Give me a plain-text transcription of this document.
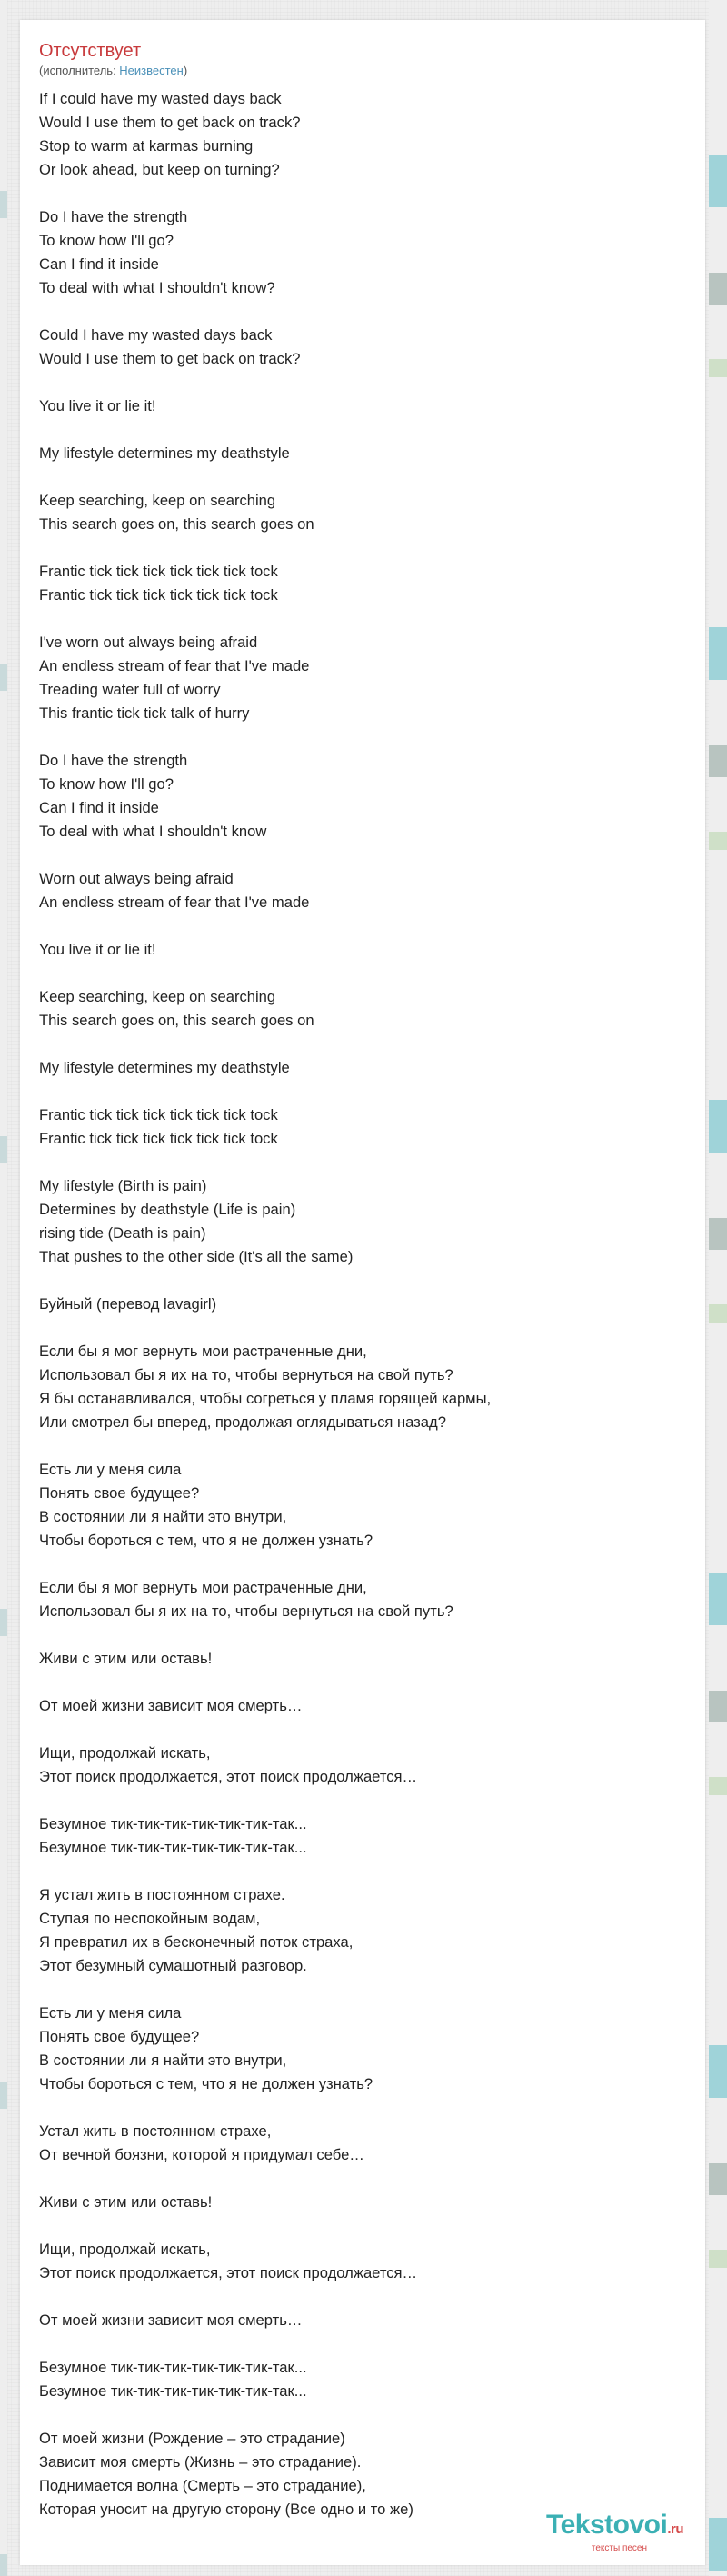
Отсутствует
(исполнитель: Неизвестен)
If I could have my wasted days back
Would I use them to get back on track?
Stop to warm at karmas burning
Or look ahead, but keep on turning?
Do I have the strength
To know how I'll go?
Can I find it inside
To deal with what I shouldn't know?
Could I have my wasted days back
Would I use them to get back on track?
You live it or lie it!
My lifestyle determines my deathstyle
Keep searching, keep on searching
This search goes on, this search goes on
Frantic tick tick tick tick tick tick tock
Frantic tick tick tick tick tick tick tock
I've worn out always being afraid
An endless stream of fear that I've made
Treading water full of worry
This frantic tick tick talk of hurry
Do I have the strength
To know how I'll go?
Can I find it inside
To deal with what I shouldn't know
Worn out always being afraid
An endless stream of fear that I've made
You live it or lie it!
Keep searching, keep on searching
This search goes on, this search goes on
My lifestyle determines my deathstyle
Frantic tick tick tick tick tick tick tock
Frantic tick tick tick tick tick tick tock
My lifestyle (Birth is pain)
Determines by deathstyle (Life is pain)
rising tide (Death is pain)
That pushes to the other side (It's all the same)
Буйный (перевод lavagirl)
Если бы я мог вернуть мои растраченные дни,
Использовал бы я их на то, чтобы вернуться на свой путь?
Я бы останавливался, чтобы согреться у пламя горящей кармы,
Или смотрел бы вперед, продолжая оглядываться назад?
Есть ли у меня сила
Понять свое будущее?
В состоянии ли я найти это внутри,
Чтобы бороться с тем, что я не должен узнать?
Если бы я мог вернуть мои растраченные дни,
Использовал бы я их на то, чтобы вернуться на свой путь?
Живи с этим или оставь!
От моей жизни зависит моя смерть…
Ищи, продолжай искать,
Этот поиск продолжается, этот поиск продолжается…
Безумное тик-тик-тик-тик-тик-тик-так...
Безумное тик-тик-тик-тик-тик-тик-так...
Я устал жить в постоянном страхе.
Ступая по неспокойным водам,
Я превратил их в бесконечный поток страха,
Этот безумный сумашотный разговор.
Есть ли у меня сила
Понять свое будущее?
В состоянии ли я найти это внутри,
Чтобы бороться с тем, что я не должен узнать?
Устал жить в постоянном страхе,
От вечной боязни, которой я придумал себе…
Живи с этим или оставь!
Ищи, продолжай искать,
Этот поиск продолжается, этот поиск продолжается…
От моей жизни зависит моя смерть…
Безумное тик-тик-тик-тик-тик-тик-так...
Безумное тик-тик-тик-тик-тик-тик-так...
От моей жизни (Рождение – это страдание)
Зависит моя смерть (Жизнь – это страдание).
Поднимается волна (Смерть – это страдание),
Которая уносит на другую сторону (Все одно и то же)
Tekstovoi.ru
тексты песен
